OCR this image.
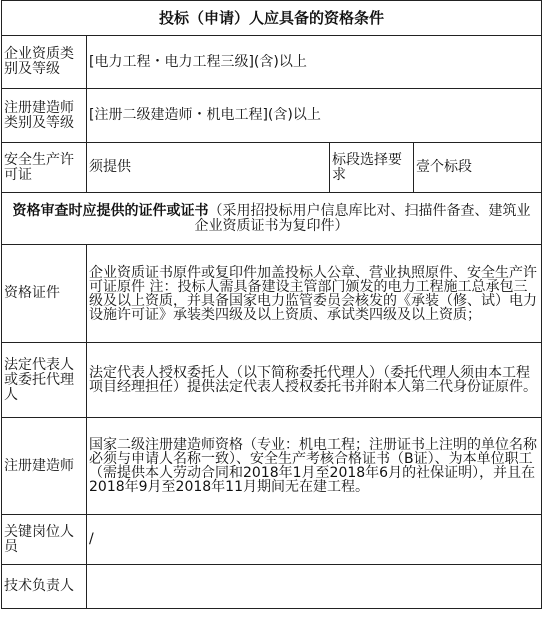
投标（申请）人应具备的资格条件			
企业资质类别及等级	[电力工程・电力工程三级](含)以上		
注册建造师类别及等级	[注册二级建造师・机电工程](含)以上		
安全生产许可证	须提供	标段选择要求	壹个标段
资格审查时应提供的证件或证书（采用招投标用户信息库比对、扫描件备查、建筑业企业资质证书为复印件）			
资格证件	企业资质证书原件或复印件加盖投标人公章、营业执照原件、安全生产许可证原件 注：投标人需具备建设主管部门颁发的电力工程施工总承包三级及以上资质，并具备国家电力监管委员会核发的《承装（修、试）电力设施许可证》承装类四级及以上资质、承试类四级及以上资质；		
法定代表人或委托代理人	法定代表人授权委托人（以下简称委托代理人）（委托代理人须由本工程项目经理担任）提供法定代表人授权委托书并附本人第二代身份证原件。		
注册建造师	国家二级注册建造师资格（专业：机电工程；注册证书上注明的单位名称必须与申请人名称一致）、安全生产考核合格证书（B证）、为本单位职工（需提供本人劳动合同和2018年1月至2018年6月的社保证明），并且在2018年9月至2018年11月期间无在建工程。		
关键岗位人员	/		
技术负责人			
